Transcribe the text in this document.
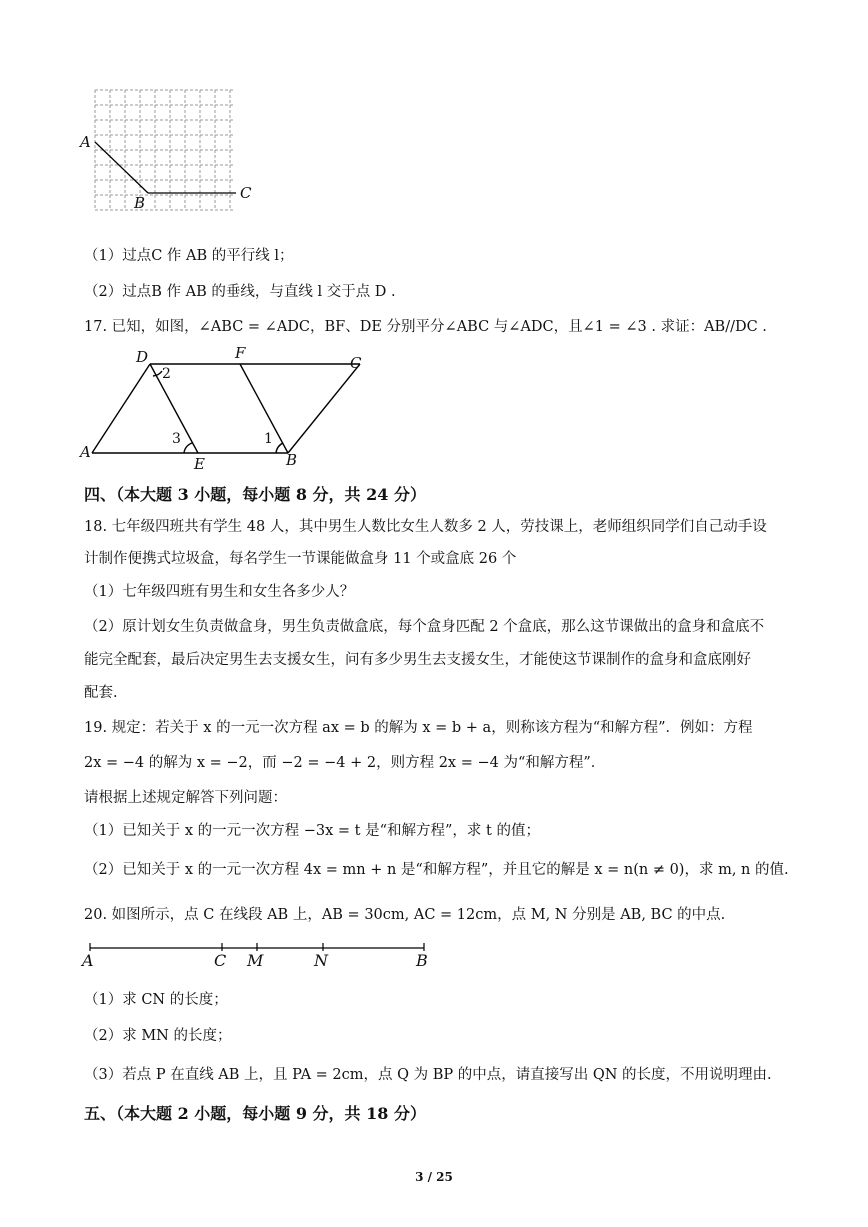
A
B
C
（1）过点C 作 AB 的平行线 l；
（2）过点B 作 AB 的垂线，与直线 l 交于点 D .
17. 已知，如图，∠ABC = ∠ADC，BF、DE 分别平分∠ABC 与∠ADC，且∠1 = ∠3 . 求证：AB//DC .
D	F
C
A
E	B
2
3	1
四、（本大题 3 小题，每小题 8 分，共 24 分）
18. 七年级四班共有学生 48 人，其中男生人数比女生人数多 2 人，劳技课上，老师组织同学们自己动手设
计制作便携式垃圾盒，每名学生一节课能做盒身 11 个或盒底 26 个
（1）七年级四班有男生和女生各多少人？
（2）原计划女生负责做盒身，男生负责做盒底，每个盒身匹配 2 个盒底，那么这节课做出的盒身和盒底不
能完全配套，最后决定男生去支援女生，问有多少男生去支援女生，才能使这节课制作的盒身和盒底刚好
配套.
19. 规定：若关于 x 的一元一次方程 ax = b 的解为 x = b + a，则称该方程为“和解方程”．例如：方程
2x = −4 的解为 x = −2，而 −2 = −4 + 2，则方程 2x = −4 为“和解方程”．
请根据上述规定解答下列问题：
（1）已知关于 x 的一元一次方程 −3x = t 是“和解方程”，求 t 的值；
（2）已知关于 x 的一元一次方程 4x = mn + n 是“和解方程”，并且它的解是 x = n(n ≠ 0)，求 m, n 的值.
20. 如图所示，点 C 在线段 AB 上，AB = 30cm, AC = 12cm，点 M, N 分别是 AB, BC 的中点.
A	C M	N	B
（1）求 CN 的长度；
（2）求 MN 的长度；
（3）若点 P 在直线 AB 上，且 PA = 2cm，点 Q 为 BP 的中点，请直接写出 QN 的长度，不用说明理由.
五、（本大题 2 小题，每小题 9 分，共 18 分）
3 / 25
